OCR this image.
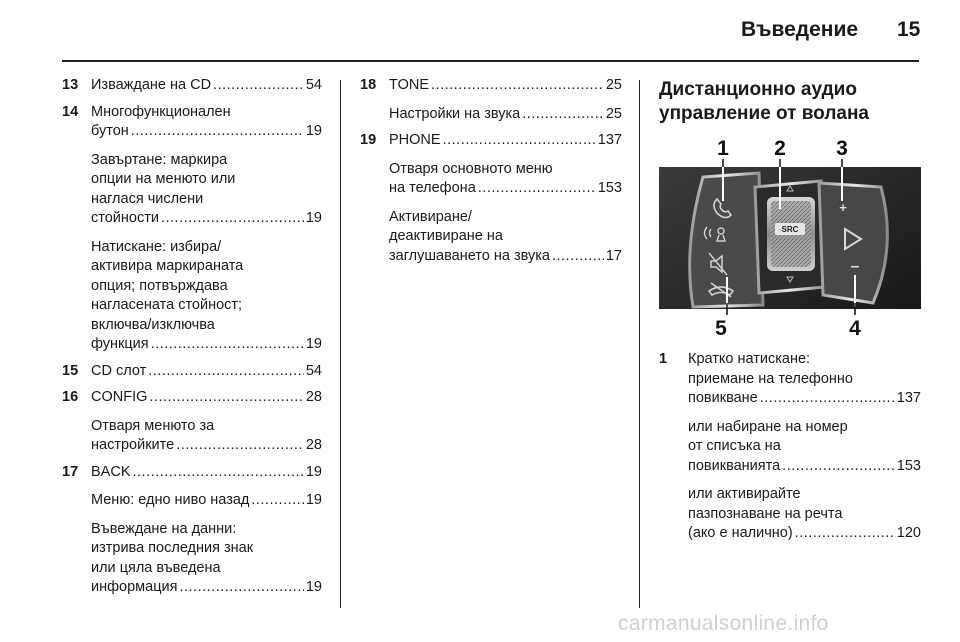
Въведение 15
13 Изваждане на CD .....	54
14 Многофункционален
бутон .....	19
Завъртане: маркира
опции на менюто или
наглася числени
стойности .....	19
Натискане: избира/
активира маркираната
опция; потвърждава
нагласената стойност;
включва/изключва
функция .....	19
15 CD слот .....	54
16 CONFIG .....	28
Отваря менюто за
настройките .....	28
17 BACK .....	19
Меню: едно ниво назад .....	19
Въвеждане на данни:
изтрива последния знак
или цяла въведена
информация .....	19
18 TONE .....	25
Настройки на звука .....	25
19 PHONE .....	137
Отваря основното меню
на телефона .....	153
Активиране/
деактивиране на
заглушаването на звука .....	17
Дистанционно аудио
управление от волана
SRC
+
–
1 2 3
5	4
1 Кратко натискане:
приемане на телефонно
повикване .....	137
или набиране на номер
от списъка на
повикванията .....	153
или активирайте
пазпознаване на речта
(ако е налично) .....	120
carmanualsonline.info
